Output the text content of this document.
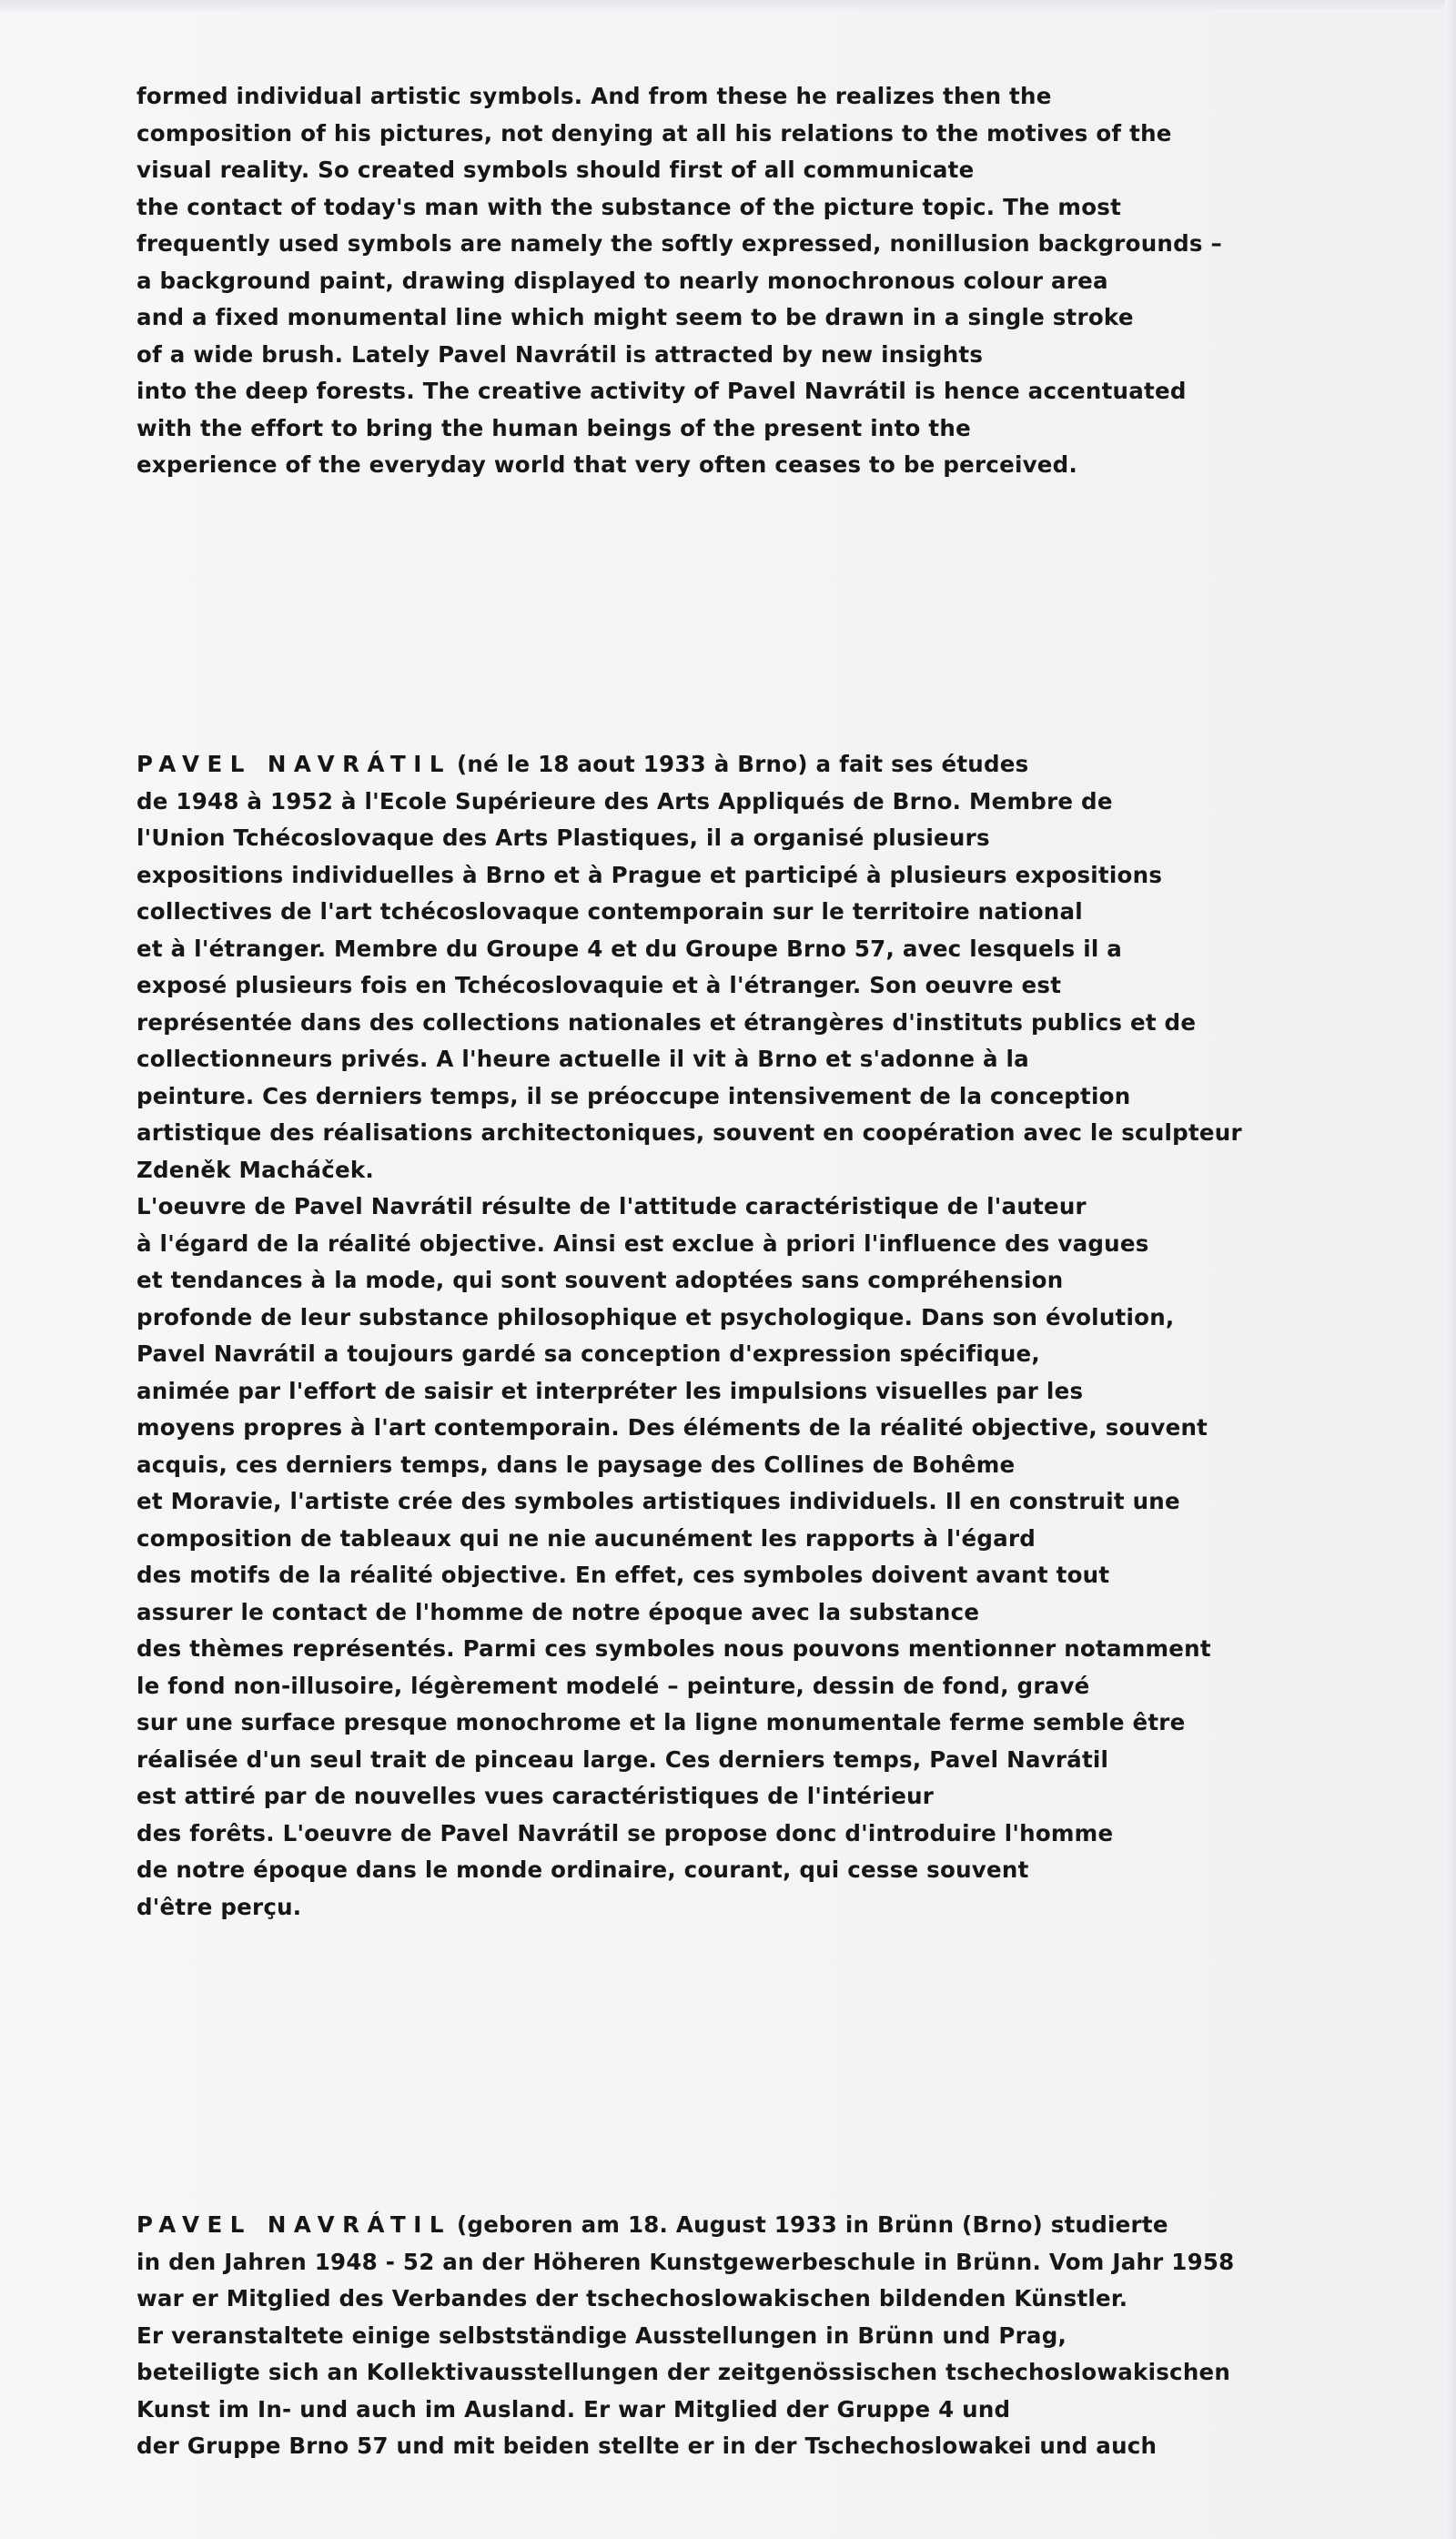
formed individual artistic symbols. And from these he realizes then the
composition of his pictures, not denying at all his relations to the motives of the
visual reality. So created symbols should first of all communicate
the contact of today's man with the substance of the picture topic. The most
frequently used symbols are namely the softly expressed, nonillusion backgrounds –
a background paint, drawing displayed to nearly monochronous colour area
and a fixed monumental line which might seem to be drawn in a single stroke
of a wide brush. Lately Pavel Navrátil is attracted by new insights
into the deep forests. The creative activity of Pavel Navrátil is hence accentuated
with the effort to bring the human beings of the present into the
experience of the everyday world that very often ceases to be perceived.
PAVEL NAVRÁTIL (né le 18 aout 1933 à Brno) a fait ses études
de 1948 à 1952 à l'Ecole Supérieure des Arts Appliqués de Brno. Membre de
l'Union Tchécoslovaque des Arts Plastiques, il a organisé plusieurs
expositions individuelles à Brno et à Prague et participé à plusieurs expositions
collectives de l'art tchécoslovaque contemporain sur le territoire national
et à l'étranger. Membre du Groupe 4 et du Groupe Brno 57, avec lesquels il a
exposé plusieurs fois en Tchécoslovaquie et à l'étranger. Son oeuvre est
représentée dans des collections nationales et étrangères d'instituts publics et de
collectionneurs privés. A l'heure actuelle il vit à Brno et s'adonne à la
peinture. Ces derniers temps, il se préoccupe intensivement de la conception
artistique des réalisations architectoniques, souvent en coopération avec le sculpteur
Zdeněk Macháček.
L'oeuvre de Pavel Navrátil résulte de l'attitude caractéristique de l'auteur
à l'égard de la réalité objective. Ainsi est exclue à priori l'influence des vagues
et tendances à la mode, qui sont souvent adoptées sans compréhension
profonde de leur substance philosophique et psychologique. Dans son évolution,
Pavel Navrátil a toujours gardé sa conception d'expression spécifique,
animée par l'effort de saisir et interpréter les impulsions visuelles par les
moyens propres à l'art contemporain. Des éléments de la réalité objective, souvent
acquis, ces derniers temps, dans le paysage des Collines de Bohême
et Moravie, l'artiste crée des symboles artistiques individuels. Il en construit une
composition de tableaux qui ne nie aucunément les rapports à l'égard
des motifs de la réalité objective. En effet, ces symboles doivent avant tout
assurer le contact de l'homme de notre époque avec la substance
des thèmes représentés. Parmi ces symboles nous pouvons mentionner notamment
le fond non-illusoire, légèrement modelé – peinture, dessin de fond, gravé
sur une surface presque monochrome et la ligne monumentale ferme semble être
réalisée d'un seul trait de pinceau large. Ces derniers temps, Pavel Navrátil
est attiré par de nouvelles vues caractéristiques de l'intérieur
des forêts. L'oeuvre de Pavel Navrátil se propose donc d'introduire l'homme
de notre époque dans le monde ordinaire, courant, qui cesse souvent
d'être perçu.
PAVEL NAVRÁTIL (geboren am 18. August 1933 in Brünn (Brno) studierte
in den Jahren 1948 - 52 an der Höheren Kunstgewerbeschule in Brünn. Vom Jahr 1958
war er Mitglied des Verbandes der tschechoslowakischen bildenden Künstler.
Er veranstaltete einige selbstständige Ausstellungen in Brünn und Prag,
beteiligte sich an Kollektivausstellungen der zeitgenössischen tschechoslowakischen
Kunst im In- und auch im Ausland. Er war Mitglied der Gruppe 4 und
der Gruppe Brno 57 und mit beiden stellte er in der Tschechoslowakei und auch
